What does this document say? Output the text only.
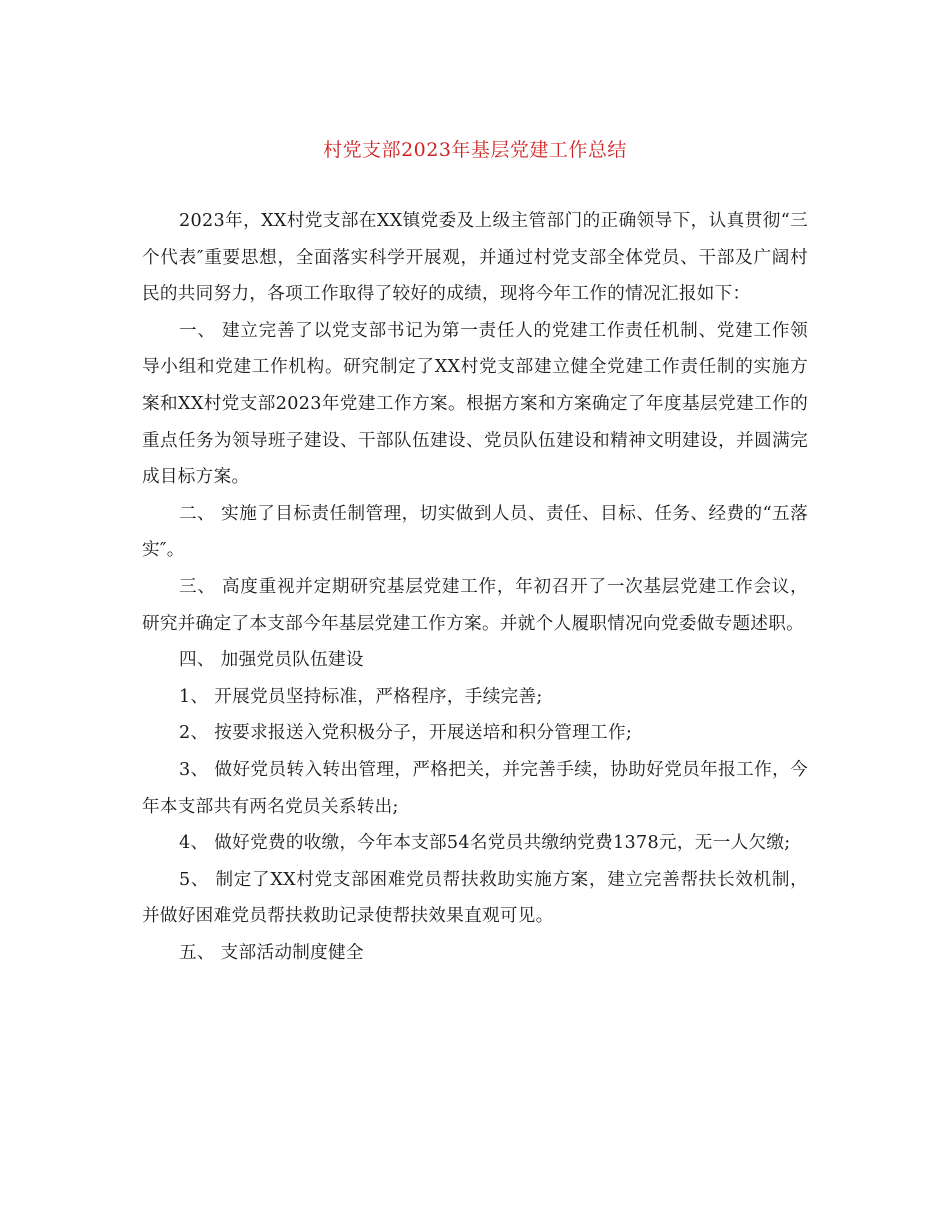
村党支部2023年基层党建工作总结

2023年，XX村党支部在XX镇党委及上级主管部门的正确领导下，认真贯彻“三个代表″重要思想，全面落实科学开展观，并通过村党支部全体党员、干部及广阔村民的共同努力，各项工作取得了较好的成绩，现将今年工作的情况汇报如下：

一、 建立完善了以党支部书记为第一责任人的党建工作责任机制、党建工作领导小组和党建工作机构。研究制定了XX村党支部建立健全党建工作责任制的实施方案和XX村党支部2023年党建工作方案。根据方案和方案确定了年度基层党建工作的重点任务为领导班子建设、干部队伍建设、党员队伍建设和精神文明建设，并圆满完成目标方案。

二、 实施了目标责任制管理，切实做到人员、责任、目标、任务、经费的“五落实″。

三、 高度重视并定期研究基层党建工作，年初召开了一次基层党建工作会议，研究并确定了本支部今年基层党建工作方案。并就个人履职情况向党委做专题述职。

四、 加强党员队伍建设

1、 开展党员坚持标准，严格程序，手续完善;

2、 按要求报送入党积极分子，开展送培和积分管理工作;

3、 做好党员转入转出管理，严格把关，并完善手续，协助好党员年报工作，今年本支部共有两名党员关系转出;

4、 做好党费的收缴，今年本支部54名党员共缴纳党费1378元，无一人欠缴;

5、 制定了XX村党支部困难党员帮扶救助实施方案，建立完善帮扶长效机制，并做好困难党员帮扶救助记录使帮扶效果直观可见。

五、 支部活动制度健全
